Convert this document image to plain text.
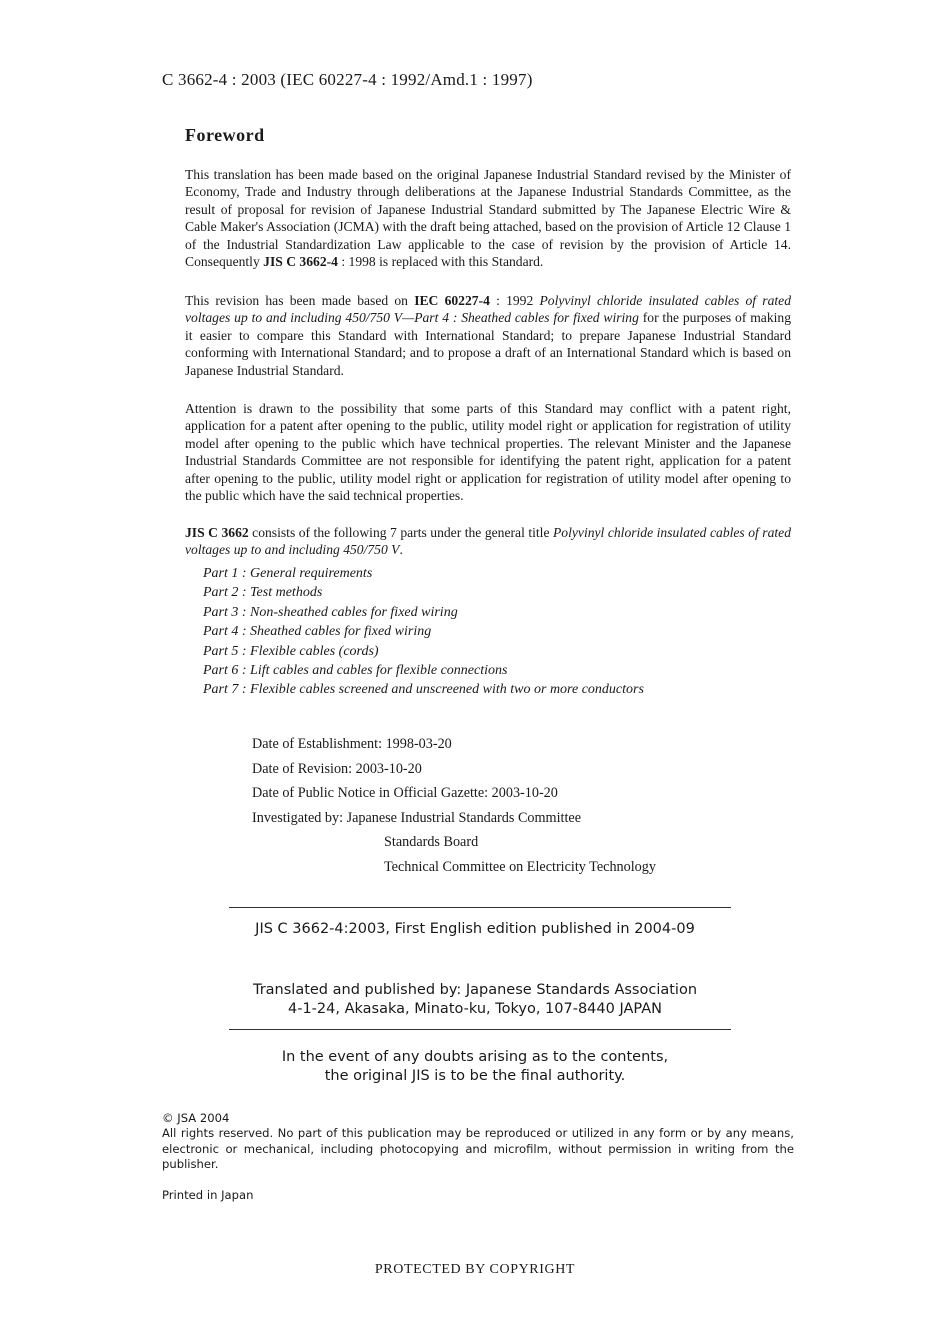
C 3662-4 : 2003 (IEC 60227-4 : 1992/Amd.1 : 1997)
Foreword
This translation has been made based on the original Japanese Industrial Standard revised by the Minister of Economy, Trade and Industry through deliberations at the Japanese Industrial Standards Committee, as the result of proposal for revision of Japanese Industrial Standard submitted by The Japanese Electric Wire & Cable Maker's Association (JCMA) with the draft being attached, based on the provision of Article 12 Clause 1 of the Industrial Standardization Law applicable to the case of revision by the provision of Article 14. Consequently JIS C 3662-4 : 1998 is replaced with this Standard.
This revision has been made based on IEC 60227-4 : 1992 Polyvinyl chloride insulated cables of rated voltages up to and including 450/750 V—Part 4 : Sheathed cables for fixed wiring for the purposes of making it easier to compare this Standard with International Standard; to prepare Japanese Industrial Standard conforming with International Standard; and to propose a draft of an International Standard which is based on Japanese Industrial Standard.
Attention is drawn to the possibility that some parts of this Standard may conflict with a patent right, application for a patent after opening to the public, utility model right or application for registration of utility model after opening to the public which have technical properties. The relevant Minister and the Japanese Industrial Standards Committee are not responsible for identifying the patent right, application for a patent after opening to the public, utility model right or application for registration of utility model after opening to the public which have the said technical properties.
JIS C 3662 consists of the following 7 parts under the general title Polyvinyl chloride insulated cables of rated voltages up to and including 450/750 V.
Part 1 : General requirements
Part 2 : Test methods
Part 3 : Non-sheathed cables for fixed wiring
Part 4 : Sheathed cables for fixed wiring
Part 5 : Flexible cables (cords)
Part 6 : Lift cables and cables for flexible connections
Part 7 : Flexible cables screened and unscreened with two or more conductors
Date of Establishment: 1998-03-20
Date of Revision: 2003-10-20
Date of Public Notice in Official Gazette: 2003-10-20
Investigated by: Japanese Industrial Standards Committee
Standards Board
Technical Committee on Electricity Technology
JIS C 3662-4:2003, First English edition published in 2004-09
Translated and published by: Japanese Standards Association
4-1-24, Akasaka, Minato-ku, Tokyo, 107-8440 JAPAN
In the event of any doubts arising as to the contents,
the original JIS is to be the final authority.
© JSA 2004
All rights reserved. No part of this publication may be reproduced or utilized in any form or by any means, electronic or mechanical, including photocopying and microfilm, without permission in writing from the publisher.
Printed in Japan
PROTECTED BY COPYRIGHT
